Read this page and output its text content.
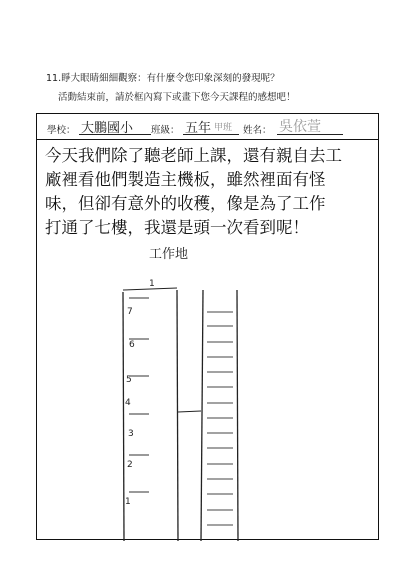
11.睜大眼睛細細觀察：有什麼令您印象深刻的發現呢？
活動結束前，請於框內寫下或畫下您今天課程的感想吧！
學校： 大鵬國小 班級： 五年 甲班 姓名： 吳依萱
今天我們除了聽老師上課，還有親自去工
廠裡看他們製造主機板，雖然裡面有怪
味，但卻有意外的收穫，像是為了工作
打通了七樓，我還是頭一次看到呢！
工作地
1
7
6
5
4
3
2
1
